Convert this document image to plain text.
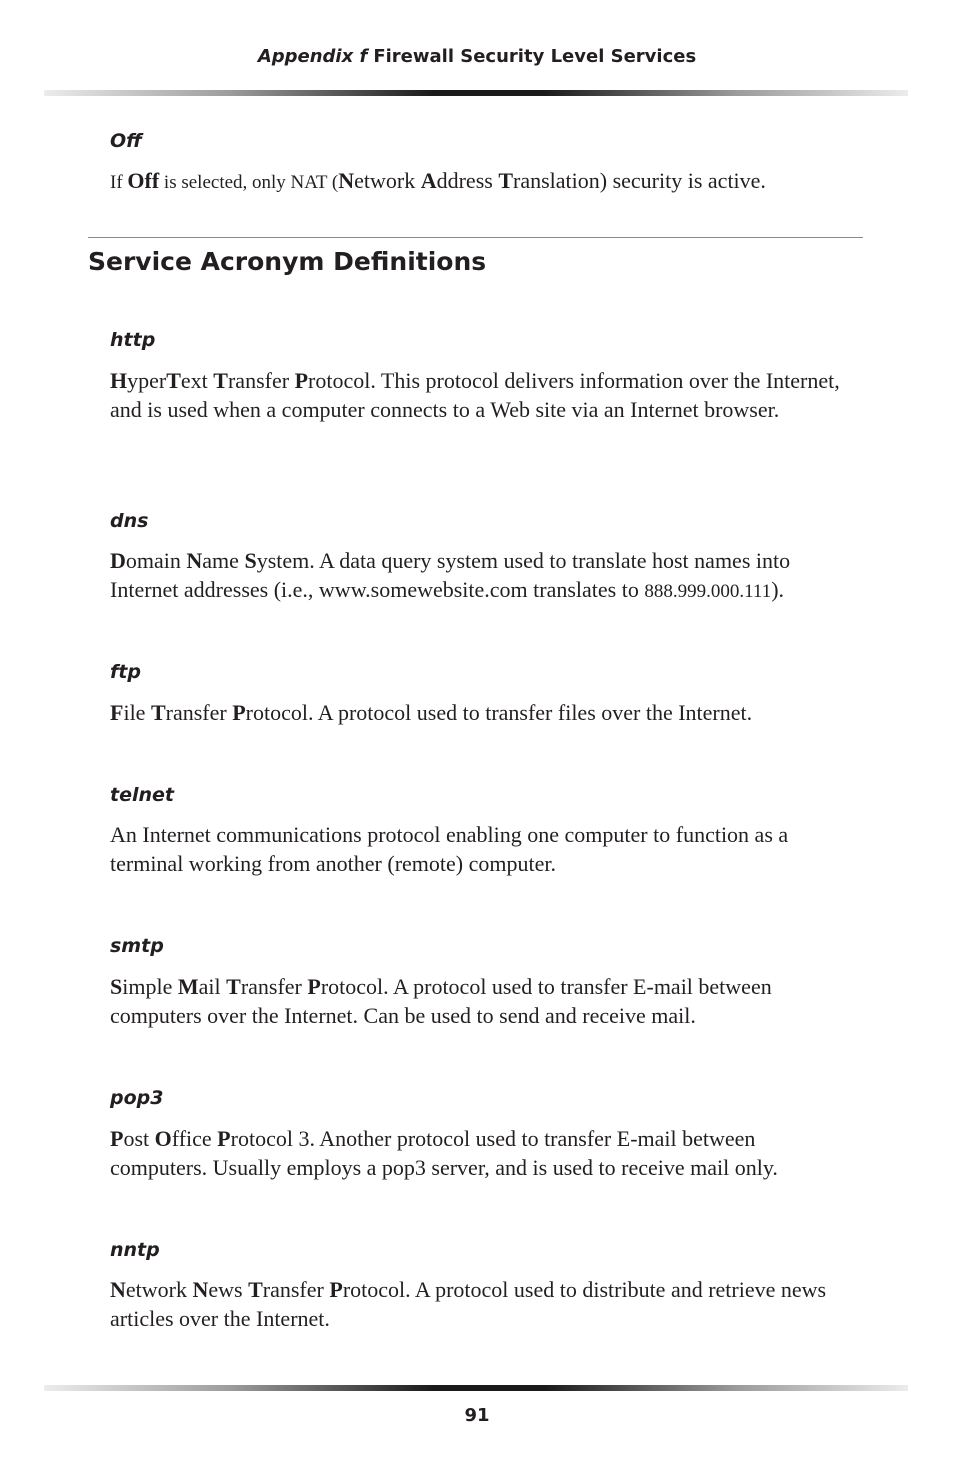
Appendix f Firewall Security Level Services
Off
If Off is selected, only NAT (Network Address Translation) security is active.
Service Acronym Definitions
http
HyperText Transfer Protocol. This protocol delivers information over the Internet, and is used when a computer connects to a Web site via an Internet browser.
dns
Domain Name System. A data query system used to translate host names into Internet addresses (i.e., www.somewebsite.com translates to 888.999.000.111).
ftp
File Transfer Protocol. A protocol used to transfer files over the Internet.
telnet
An Internet communications protocol enabling one computer to function as a terminal working from another (remote) computer.
smtp
Simple Mail Transfer Protocol. A protocol used to transfer E-mail between computers over the Internet. Can be used to send and receive mail.
pop3
Post Office Protocol 3. Another protocol used to transfer E-mail between computers. Usually employs a pop3 server, and is used to receive mail only.
nntp
Network News Transfer Protocol. A protocol used to distribute and retrieve news articles over the Internet.
91
